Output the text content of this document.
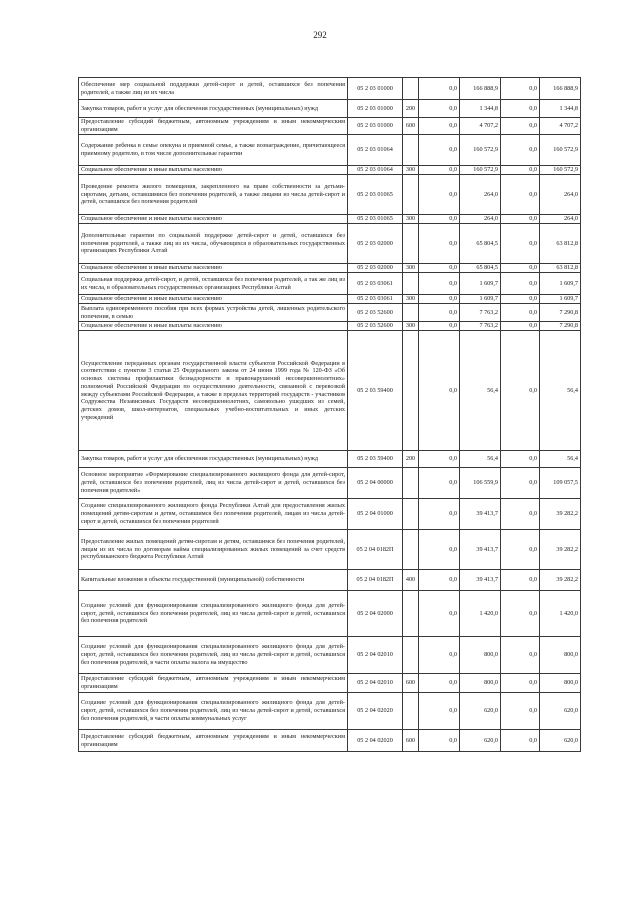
292
Обеспечение мер социальной поддержки детей-сирот и детей, оставшихся без попечения родителей, а также лиц из их числа	05 2 03 01000		0,0	166 888,9	0,0	166 888,9
Закупка товаров, работ и услуг для обеспечения государственных (муниципальных) нужд	05 2 03 01000	200	0,0	1 344,8	0,0	1 344,8
Предоставление субсидий бюджетным, автономным учреждениям и иным некоммерческим организациям	05 2 03 01000	600	0,0	4 707,2	0,0	4 707,2
Содержание ребенка в семье опекуна и приемной семье, а также вознаграждение, причитающееся приемному родителю, в том числе дополнительные гарантии	05 2 03 01064		0,0	160 572,9	0,0	160 572,9
Социальное обеспечение и иные выплаты населению	05 2 03 01064	300	0,0	160 572,9	0,0	160 572,9
Проведение ремонта жилого помещения, закрепленного на праве собственности за детьми-сиротами, детьми, оставшимися без попечения родителей, а также лицами из числа детей-сирот и детей, оставшихся без попечения родителей	05 2 03 01065		0,0	264,0	0,0	264,0
Социальное обеспечение и иные выплаты населению	05 2 03 01065	300	0,0	264,0	0,0	264,0
Дополнительные гарантии по социальной поддержке детей-сирот и детей, оставшихся без попечения родителей, а также лиц из их числа, обучающихся в образовательных государственных организациях Республики Алтай	05 2 03 02000		0,0	65 804,5	0,0	63 812,8
Социальное обеспечение и иные выплаты населению	05 2 03 02000	300	0,0	65 804,5	0,0	63 812,8
Социальная поддержка детей-сирот, и детей, оставшихся без попечения родителей, а так же лиц из их числа, в образовательных государственных организациях Республики Алтай	05 2 03 03061		0,0	1 609,7	0,0	1 609,7
Социальное обеспечение и иные выплаты населению	05 2 03 03061	300	0,0	1 609,7	0,0	1 609,7
Выплата единовременного пособия при всех формах устройства детей, лишенных родительского попечения, в семью	05 2 03 52600		0,0	7 763,2	0,0	7 290,8
Социальное обеспечение и иные выплаты населению	05 2 03 52600	300	0,0	7 763,2	0,0	7 290,8
Осуществление переданных органам государственной власти субъектов Российской Федерации в соответствии с пунктом 3 статьи 25 Федерального закона от 24 июня 1999 года № 120-ФЗ «Об основах системы профилактики безнадзорности и правонарушений несовершеннолетних» полномочий Российской Федерации по осуществлению деятельности, связанной с перевозкой между субъектами Российской Федерации, а также в пределах территорий государств - участников Содружества Независимых Государств несовершеннолетних, самовольно ушедших из семей, детских домов, школ-интернатов, специальных учебно-воспитательных и иных детских учреждений	05 2 03 59400		0,0	56,4	0,0	56,4
Закупка товаров, работ и услуг для обеспечения государственных (муниципальных) нужд	05 2 03 59400	200	0,0	56,4	0,0	56,4
Основное мероприятие «Формирование специализированного жилищного фонда для детей-сирот, детей, оставшихся без попечения родителей, лиц из числа детей-сирот и детей, оставшихся без попечения родителей»	05 2 04 00000		0,0	106 559,9	0,0	109 057,5
Создание специализированного жилищного фонда Республики Алтай для предоставления жилых помещений детям-сиротам и детям, оставшимся без попечения родителей, лицам из числа детей-сирот и детей, оставшихся без попечения родителей	05 2 04 01000		0,0	39 413,7	0,0	39 282,2
Предоставление жилых помещений детям-сиротам и детям, оставшимся без попечения родителей, лицам из их числа по договорам найма специализированных жилых помещений за счет средств республиканского бюджета Республики Алтай	05 2 04 0182П		0,0	39 413,7	0,0	39 282,2
Капитальные вложения в объекты государственной (муниципальной) собственности	05 2 04 0182П	400	0,0	39 413,7	0,0	39 282,2
Создание условий для функционирования специализированного жилищного фонда для детей-сирот, детей, оставшихся без попечения родителей, лиц из числа детей-сирот и детей, оставшихся без попечения родителей	05 2 04 02000		0,0	1 420,0	0,0	1 420,0
Создание условий для функционирования специализированного жилищного фонда для детей-сирот, детей, оставшихся без попечения родителей, лиц из числа детей-сирот и детей, оставшихся без попечения родителей, в части оплаты налога на имущество	05 2 04 02010		0,0	800,0	0,0	800,0
Предоставление субсидий бюджетным, автономным учреждениям и иным некоммерческим организациям	05 2 04 02010	600	0,0	800,0	0,0	800,0
Создание условий для функционирования специализированного жилищного фонда для детей-сирот, детей, оставшихся без попечения родителей, лиц из числа детей-сирот и детей, оставшихся без попечения родителей, в части оплаты коммунальных услуг	05 2 04 02020		0,0	620,0	0,0	620,0
Предоставление субсидий бюджетным, автономным учреждениям и иным некоммерческим организациям	05 2 04 02020	600	0,0	620,0	0,0	620,0
